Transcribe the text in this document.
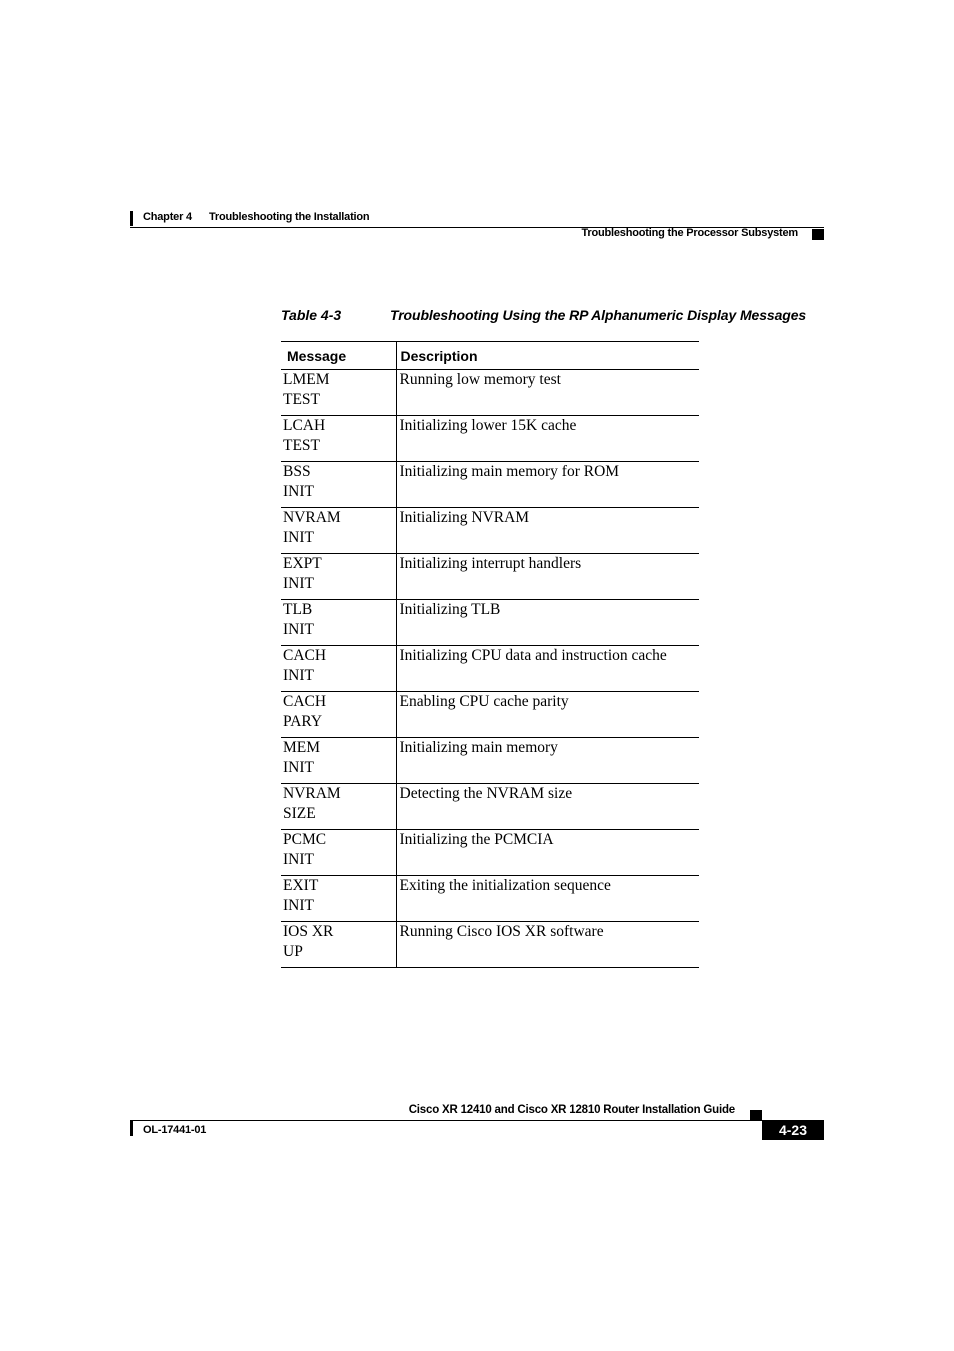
Chapter 4 Troubleshooting the Installation
Troubleshooting the Processor Subsystem
Table 4-3	Troubleshooting Using the RP Alphanumeric Display Messages
Message	Description

LMEM
TEST	Running low memory test

LCAH
TEST	Initializing lower 15K cache

BSS
INIT	Initializing main memory for ROM

NVRAM
INIT	Initializing NVRAM

EXPT
INIT	Initializing interrupt handlers

TLB
INIT	Initializing TLB

CACH
INIT	Initializing CPU data and instruction cache

CACH
PARY	Enabling CPU cache parity

MEM
INIT	Initializing main memory

NVRAM
SIZE	Detecting the NVRAM size

PCMC
INIT	Initializing the PCMCIA

EXIT
INIT	Exiting the initialization sequence

IOS XR
UP	Running Cisco IOS XR software
Cisco XR 12410 and Cisco XR 12810 Router Installation Guide
OL-17441-01	4-23
